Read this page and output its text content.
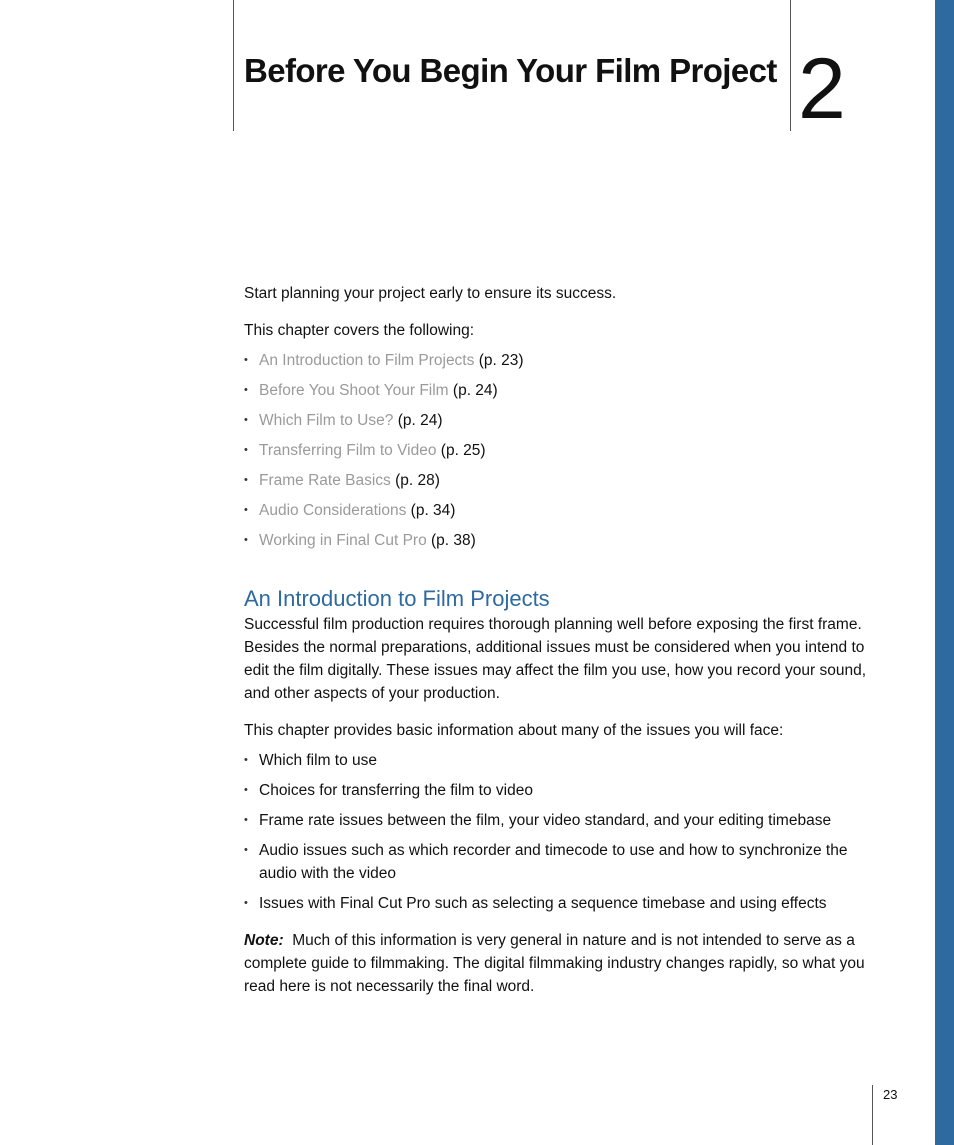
Before You Begin Your Film Project 2

Start planning your project early to ensure its success.

This chapter covers the following:

• An Introduction to Film Projects (p. 23)
• Before You Shoot Your Film (p. 24)
• Which Film to Use? (p. 24)
• Transferring Film to Video (p. 25)
• Frame Rate Basics (p. 28)
• Audio Considerations (p. 34)
• Working in Final Cut Pro (p. 38)
An Introduction to Film Projects

Successful film production requires thorough planning well before exposing the first frame. Besides the normal preparations, additional issues must be considered when you intend to edit the film digitally. These issues may affect the film you use, how you record your sound, and other aspects of your production.

This chapter provides basic information about many of the issues you will face:

• Which film to use
• Choices for transferring the film to video
• Frame rate issues between the film, your video standard, and your editing timebase
• Audio issues such as which recorder and timecode to use and how to synchronize the audio with the video
• Issues with Final Cut Pro such as selecting a sequence timebase and using effects

Note: Much of this information is very general in nature and is not intended to serve as a complete guide to filmmaking. The digital filmmaking industry changes rapidly, so what you read here is not necessarily the final word.

23
